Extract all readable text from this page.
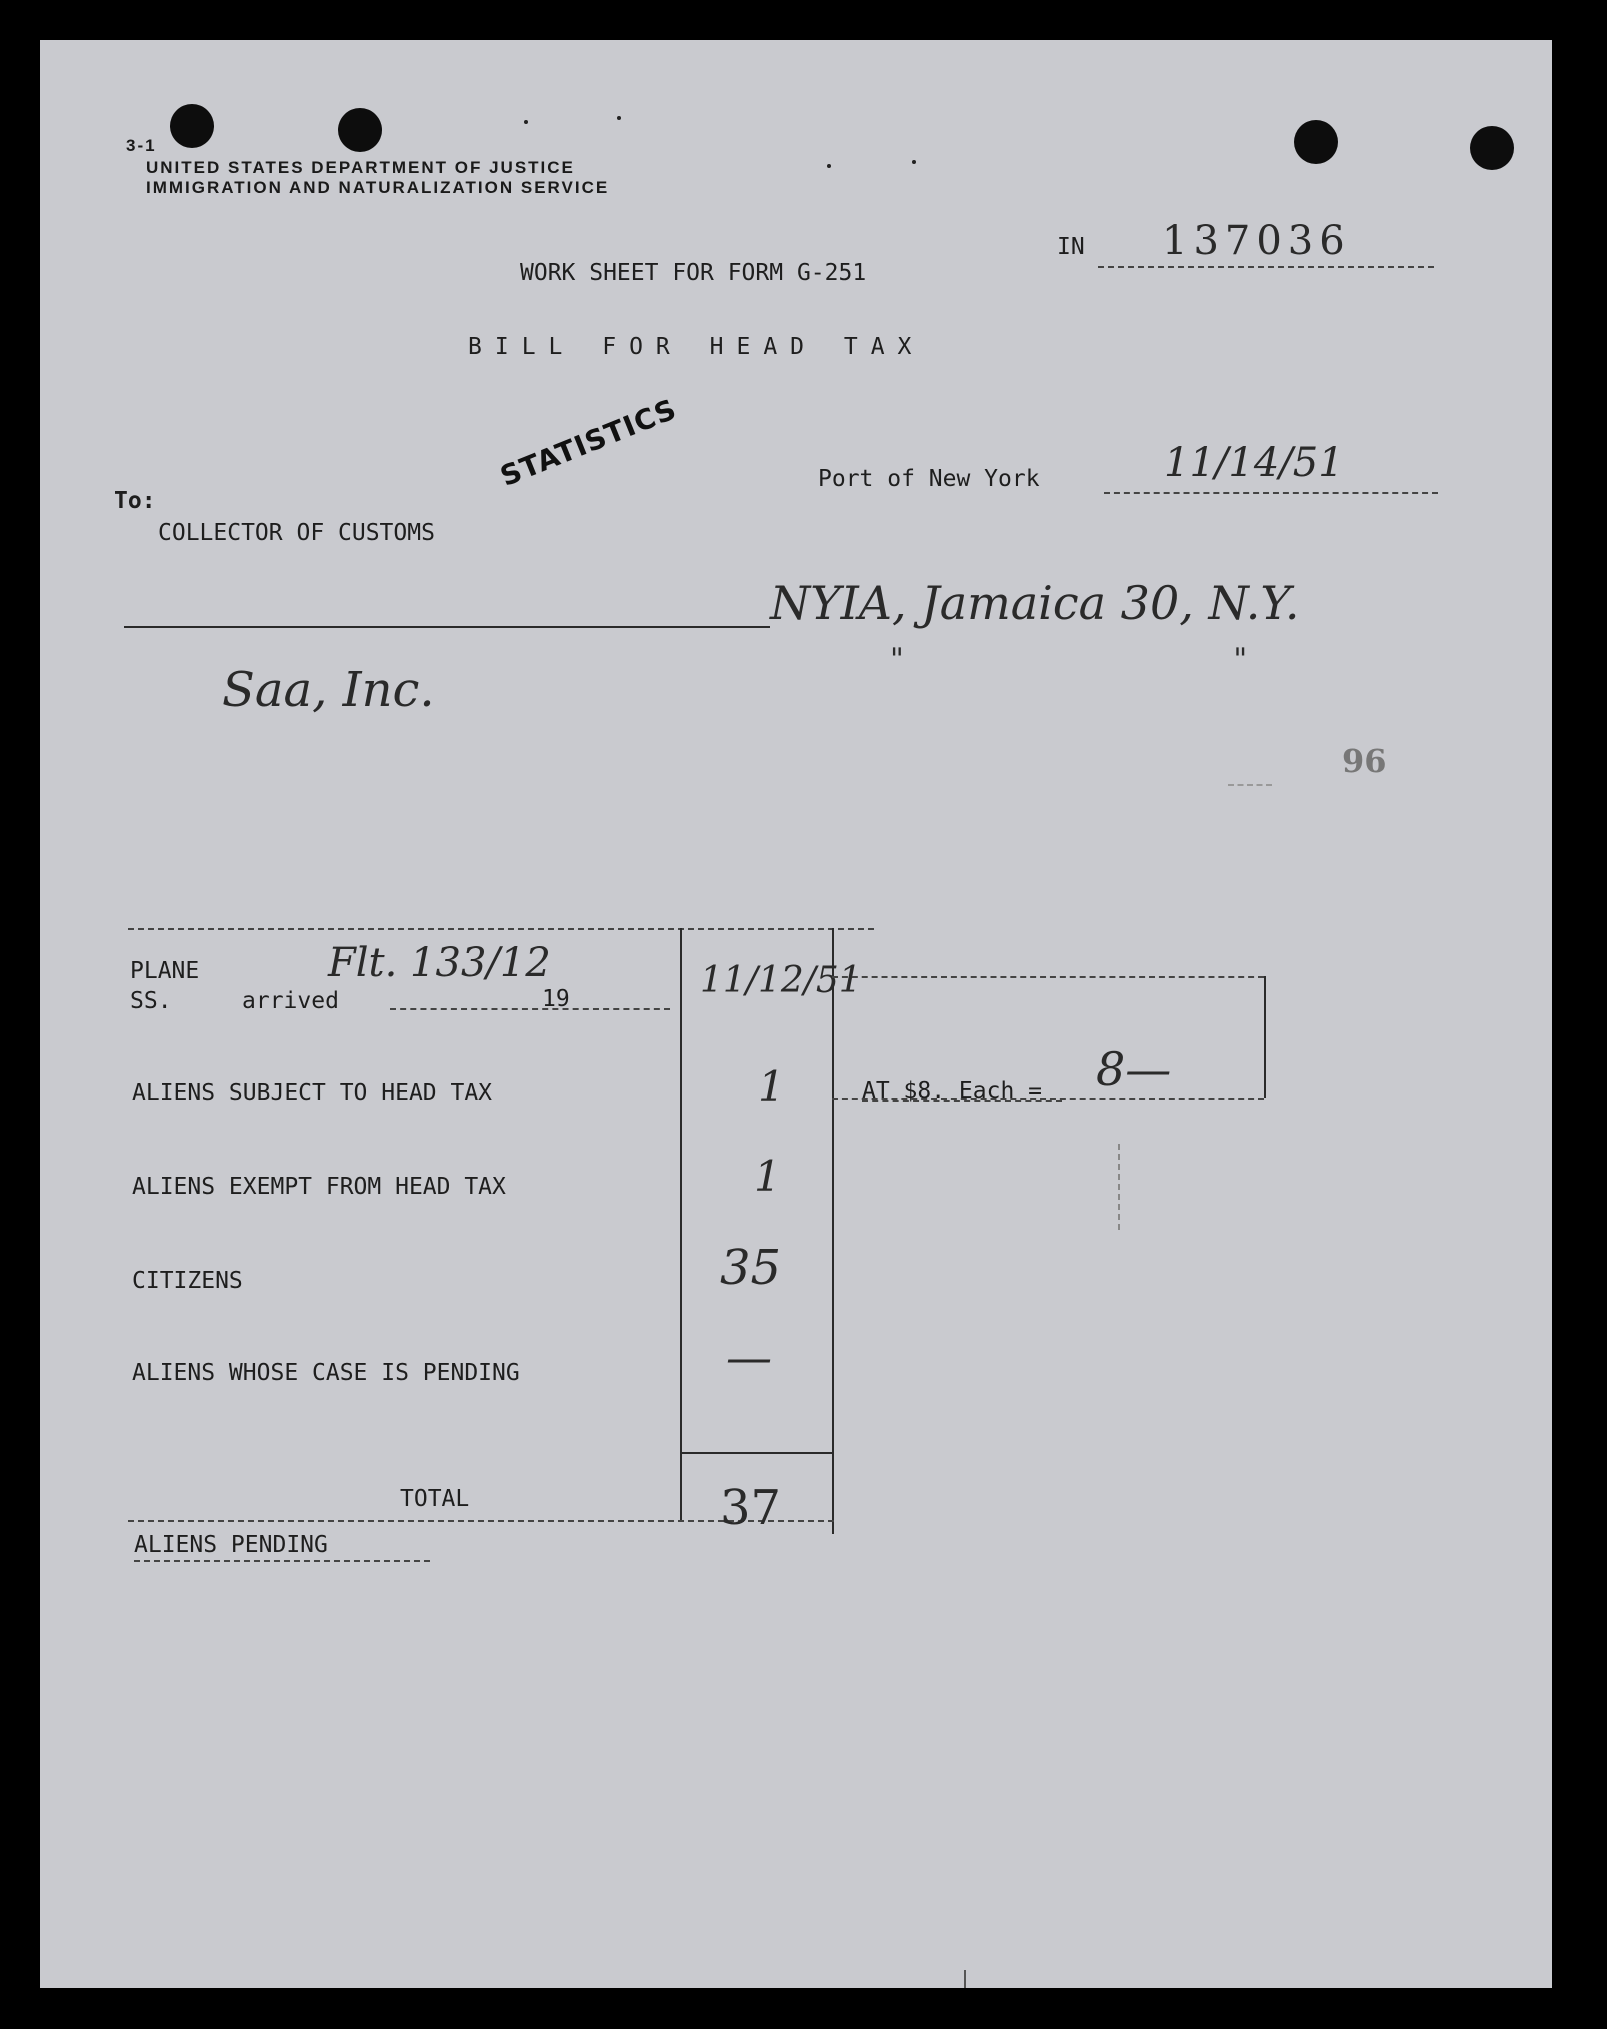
3-1
UNITED STATES DEPARTMENT OF JUSTICE
IMMIGRATION AND NATURALIZATION SERVICE
IN 137036
WORK SHEET FOR FORM G-251
BILL FOR HEAD TAX
STATISTICS	Port of New York	11/14/51
To:
COLLECTOR OF CUSTOMS
NYIA, Jamaica 30, N.Y.
" "
Saa, Inc.
96
PLANE	Flt. 133/12
SS.	arrived	19	11/12/51
AT $8. Each = 8—
ALIENS SUBJECT TO HEAD TAX	1
ALIENS EXEMPT FROM HEAD TAX	1
CITIZENS	35
ALIENS WHOSE CASE IS PENDING	—
TOTAL	37
ALIENS PENDING
